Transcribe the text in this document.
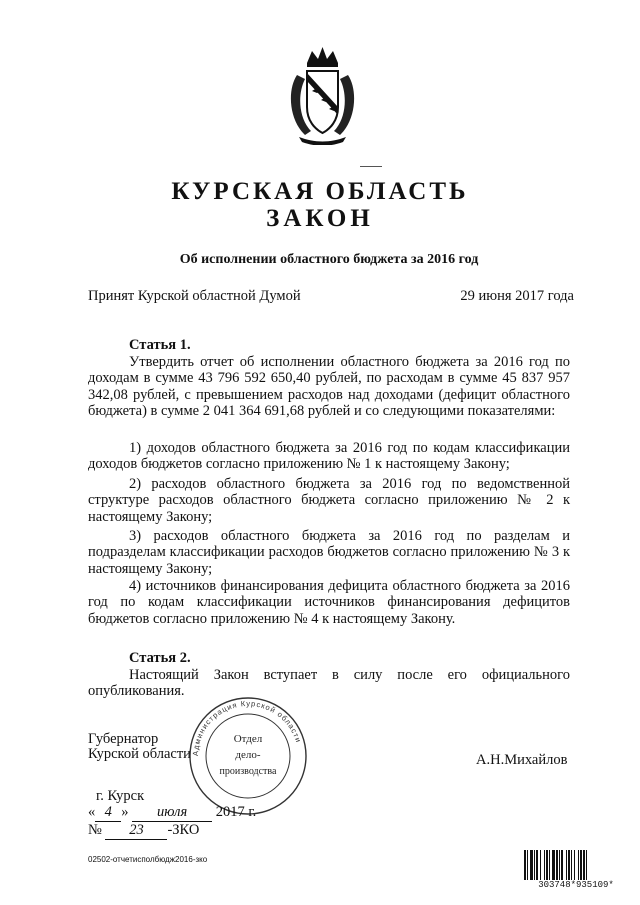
КУРСКАЯ ОБЛАСТЬ
ЗАКОН
Об исполнении областного бюджета за 2016 год
Принят Курской областной Думой	29 июня 2017 года
Статья 1.

Утвердить отчет об исполнении областного бюджета за 2016 год по доходам в сумме 43 796 592 650,40 рублей, по расходам в сумме 45 837 957 342,08 рублей, с превышением расходов над доходами (дефицит областного бюджета) в сумме 2 041 364 691,68 рублей и со следующими показателями:

1) доходов областного бюджета за 2016 год по кодам классификации доходов бюджетов согласно приложению № 1 к настоящему Закону;

2) расходов областного бюджета за 2016 год по ведомственной структуре расходов областного бюджета согласно приложению № 2 к настоящему Закону;

3) расходов областного бюджета за 2016 год по разделам и подразделам классификации расходов бюджетов согласно приложению № 3 к настоящему Закону;

4) источников финансирования дефицита областного бюджета за 2016 год по кодам классификации источников финансирования дефицитов бюджетов согласно приложению № 4 к настоящему Закону.

Статья 2.

Настоящий Закон вступает в силу после его официального опубликования.

Губернатор
Курской области	А.Н.Михайлов
Администрация Курской области
Отдел
дело-
производства
г. Курск
« 4 » июля 2017 г.
№ 23 -ЗКО
02502-отчетисполбюдж2016-зко
303748*935109*
